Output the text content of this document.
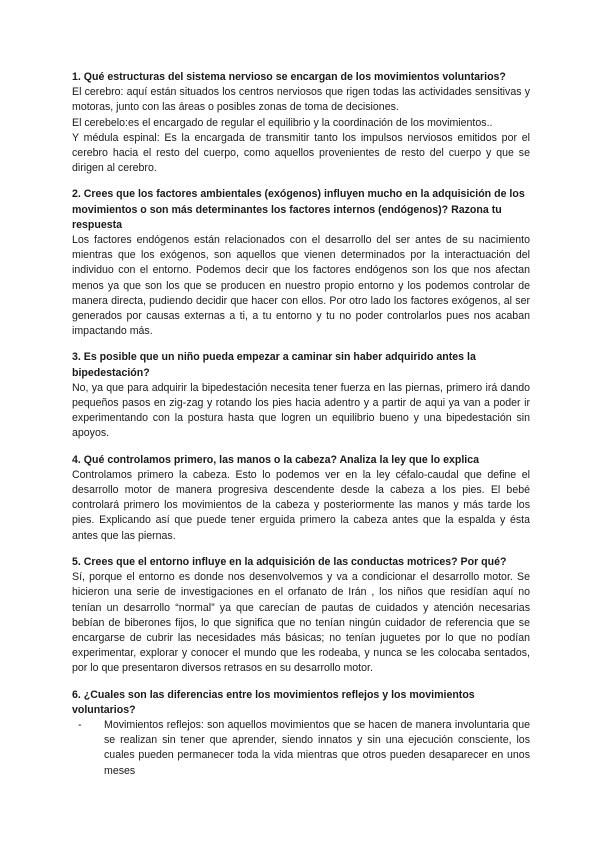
1. Qué estructuras del sistema nervioso se encargan de los movimientos voluntarios?

El cerebro: aquí están situados los centros nerviosos que rigen todas las actividades sensitivas y motoras, junto con las áreas o posibles zonas de toma de decisiones.

El cerebelo:es el encargado de regular el equilibrio y la coordinación de los movimientos..

Y médula espinal: Es la encargada de transmitir tanto los impulsos nerviosos emitidos por el cerebro hacia el resto del cuerpo, como aquellos provenientes de resto del cuerpo y que se dirigen al cerebro.

2. Crees que los factores ambientales (exógenos) influyen mucho en la adquisición de los movimientos o son más determinantes los factores internos (endógenos)? Razona tu respuesta

Los factores endógenos están relacionados con el desarrollo del ser antes de su nacimiento mientras que los exógenos, son aquellos que vienen determinados por la interactuación del individuo con el entorno. Podemos decir que los factores endógenos son los que nos afectan menos ya que son los que se producen en nuestro propio entorno y los podemos controlar de manera directa, pudiendo decidir que hacer con ellos. Por otro lado los factores exógenos, al ser generados por causas externas a ti, a tu entorno y tu no poder controlarlos pues nos acaban impactando más.

3. Es posible que un niño pueda empezar a caminar sin haber adquirido antes la bipedestación?

No, ya que para adquirir la bipedestación necesita tener fuerza en las piernas, primero irá dando pequeños pasos en zig-zag y rotando los pies hacia adentro y a partir de aqui ya van a poder ir experimentando con la postura hasta que logren un equilibrio bueno y una bipedestación sin apoyos.

4. Qué controlamos primero, las manos o la cabeza? Analiza la ley que lo explica

Controlamos primero la cabeza. Esto lo podemos ver en la ley céfalo-caudal que define el desarrollo motor de manera progresiva descendente desde la cabeza a los pies. El bebé controlará primero los movimientos de la cabeza y posteriormente las manos y más tarde los pies. Explicando así que puede tener erguida primero la cabeza antes que la espalda y ésta antes que las piernas.

5. Crees que el entorno influye en la adquisición de las conductas motrices? Por qué?

Sí, porque el entorno es donde nos desenvolvemos y va a condicionar el desarrollo motor. Se hicieron una serie de investigaciones en el orfanato de Irán , los niños que residían aquí no tenían un desarrollo “normal” ya que carecían de pautas de cuidados y atención necesarias bebían de biberones fijos, lo que significa que no tenían ningún cuidador de referencia que se encargarse de cubrir las necesidades más básicas; no tenían juguetes por lo que no podían experimentar, explorar y conocer el mundo que les rodeaba, y nunca se les colocaba sentados, por lo que presentaron diversos retrasos en su desarrollo motor.

6. ¿Cuales son las diferencias entre los movimientos reflejos y los movimientos voluntarios?

-	Movimientos reflejos: son aquellos movimientos que se hacen de manera involuntaria que se realizan sin tener que aprender, siendo innatos y sin una ejecución consciente, los cuales pueden permanecer toda la vida mientras que otros pueden desaparecer en unos meses
